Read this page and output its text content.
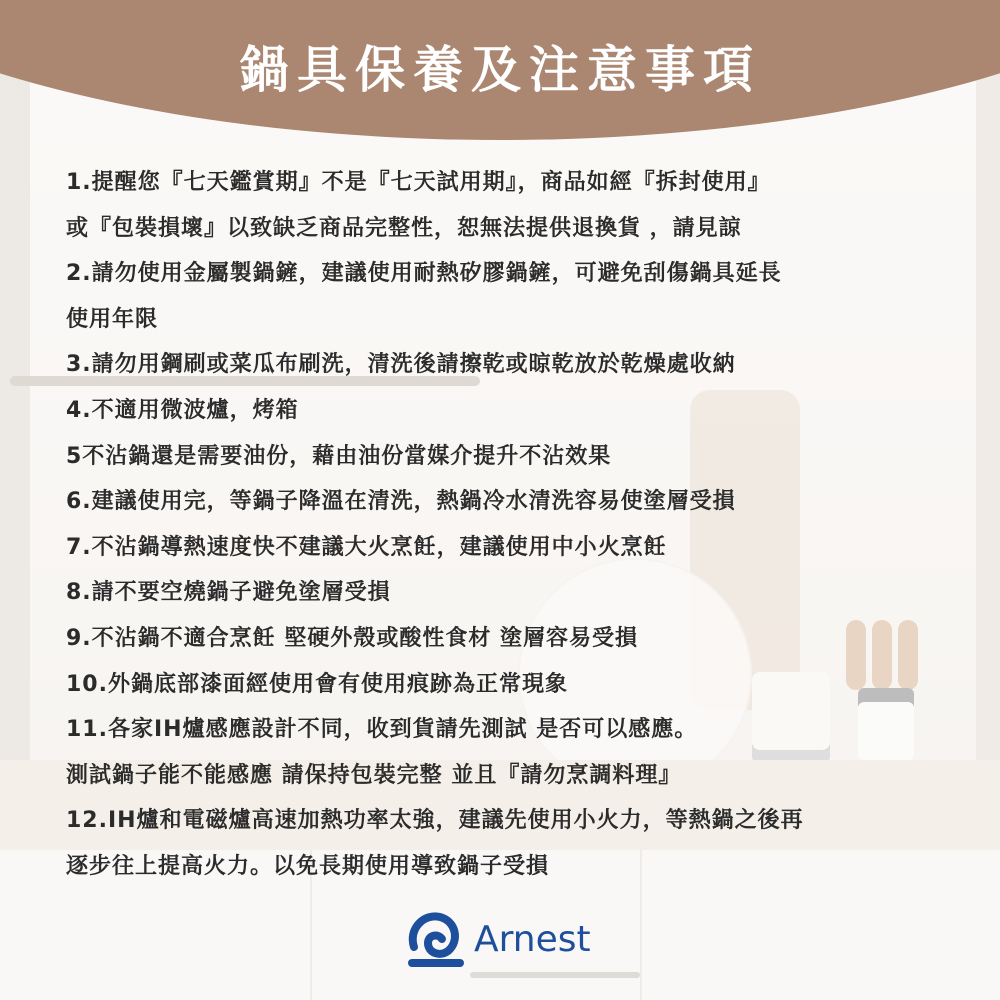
鍋具保養及注意事項
1.提醒您『七天鑑賞期』不是『七天試用期』，商品如經『拆封使用』
或『包裝損壞』以致缺乏商品完整性，恕無法提供退換貨 ，請見諒
2.請勿使用金屬製鍋鏟，建議使用耐熱矽膠鍋鏟，可避免刮傷鍋具延長
使用年限
3.請勿用鋼刷或菜瓜布刷洗，清洗後請擦乾或晾乾放於乾燥處收納
4.不適用微波爐，烤箱
5不沾鍋還是需要油份，藉由油份當媒介提升不沾效果
6.建議使用完，等鍋子降溫在清洗，熱鍋冷水清洗容易使塗層受損
7.不沾鍋導熱速度快不建議大火烹飪，建議使用中小火烹飪
8.請不要空燒鍋子避免塗層受損
9.不沾鍋不適合烹飪 堅硬外殼或酸性食材 塗層容易受損
10.外鍋底部漆面經使用會有使用痕跡為正常現象
11.各家IH爐感應設計不同，收到貨請先測試 是否可以感應。
測試鍋子能不能感應 請保持包裝完整 並且『請勿烹調料理』
12.IH爐和電磁爐高速加熱功率太強，建議先使用小火力，等熱鍋之後再
逐步往上提高火力。以免長期使用導致鍋子受損
Arnest
